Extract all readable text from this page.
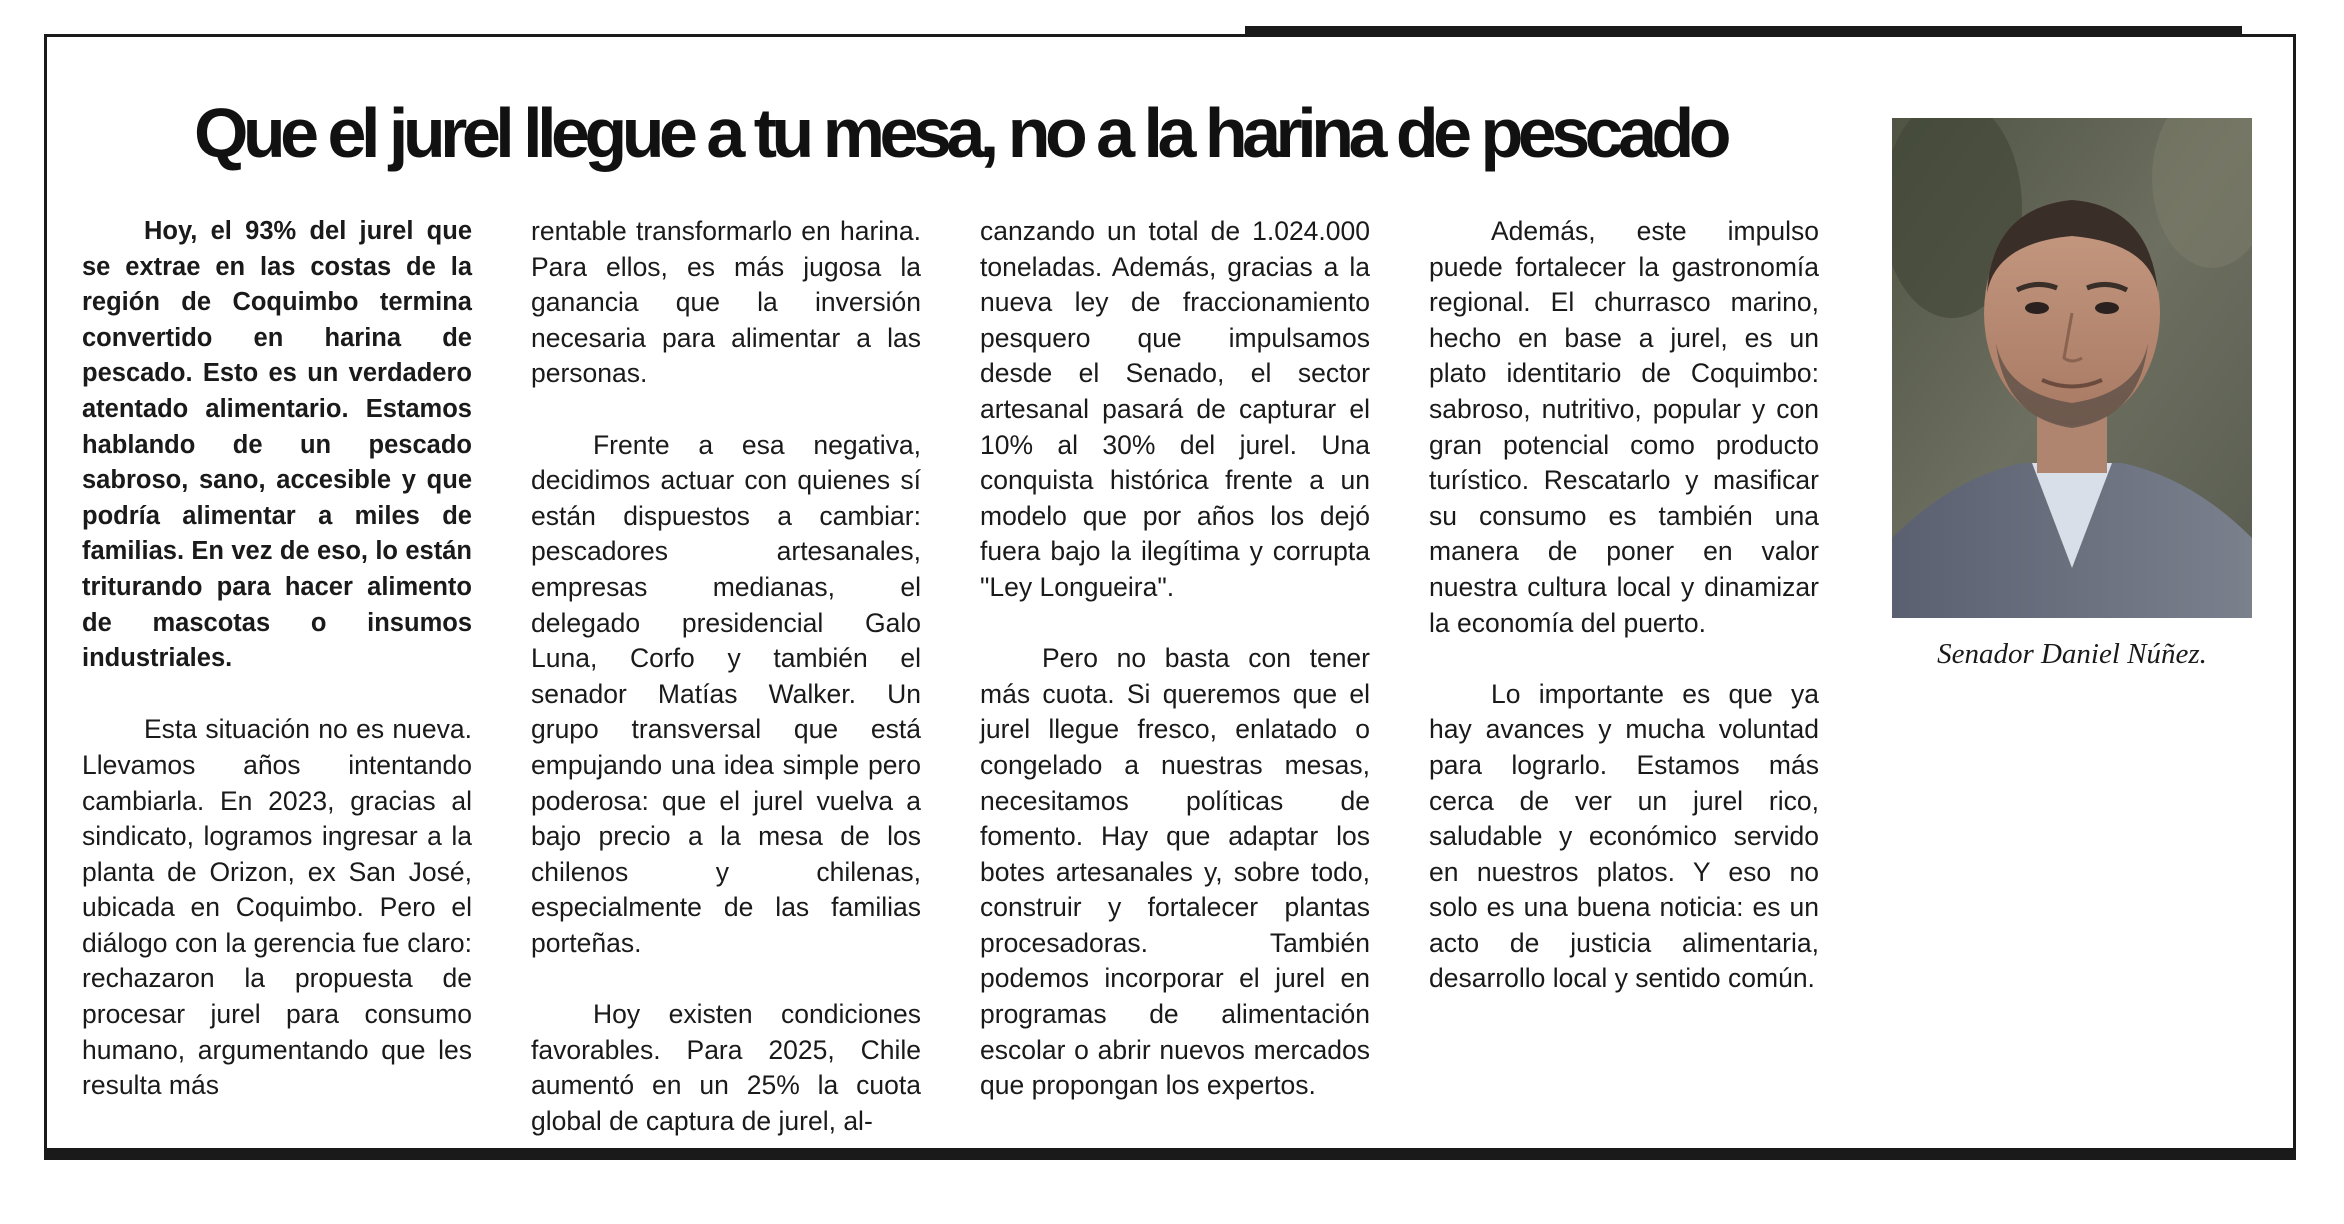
Que el jurel llegue a tu mesa, no a la harina de pescado

Hoy, el 93% del jurel que se extrae en las costas de la región de Coquimbo termina convertido en harina de pescado. Esto es un verdadero atentado alimentario. Estamos hablando de un pescado sabroso, sano, accesible y que podría alimentar a miles de familias. En vez de eso, lo están triturando para hacer alimento de mascotas o insumos industriales.

Esta situación no es nueva. Llevamos años intentando cambiarla. En 2023, gracias al sindicato, logramos ingresar a la planta de Orizon, ex San José, ubicada en Coquimbo. Pero el diálogo con la gerencia fue claro: rechazaron la propuesta de procesar jurel para consumo humano, argumentando que les resulta más

rentable transformarlo en harina. Para ellos, es más jugosa la ganancia que la inversión necesaria para alimentar a las personas.

Frente a esa negativa, decidimos actuar con quienes sí están dispuestos a cambiar: pescadores artesanales, empresas medianas, el delegado presidencial Galo Luna, Corfo y también el senador Matías Walker. Un grupo transversal que está empujando una idea simple pero poderosa: que el jurel vuelva a bajo precio a la mesa de los chilenos y chilenas, especialmente de las familias porteñas.

Hoy existen condiciones favorables. Para 2025, Chile aumentó en un 25% la cuota global de captura de jurel, al-

canzando un total de 1.024.000 toneladas. Además, gracias a la nueva ley de fraccionamiento pesquero que impulsamos desde el Senado, el sector artesanal pasará de capturar el 10% al 30% del jurel. Una conquista histórica frente a un modelo que por años los dejó fuera bajo la ilegítima y corrupta "Ley Longueira".

Pero no basta con tener más cuota. Si queremos que el jurel llegue fresco, enlatado o congelado a nuestras mesas, necesitamos políticas de fomento. Hay que adaptar los botes artesanales y, sobre todo, construir y fortalecer plantas procesadoras. También podemos incorporar el jurel en programas de alimentación escolar o abrir nuevos mercados que propongan los expertos.

Además, este impulso puede fortalecer la gastronomía regional. El churrasco marino, hecho en base a jurel, es un plato identitario de Coquimbo: sabroso, nutritivo, popular y con gran potencial como producto turístico. Rescatarlo y masificar su consumo es también una manera de poner en valor nuestra cultura local y dinamizar la economía del puerto.

Lo importante es que ya hay avances y mucha voluntad para lograrlo. Estamos más cerca de ver un jurel rico, saludable y económico servido en nuestros platos. Y eso no solo es una buena noticia: es un acto de justicia alimentaria, desarrollo local y sentido común.

Senador Daniel Núñez.
